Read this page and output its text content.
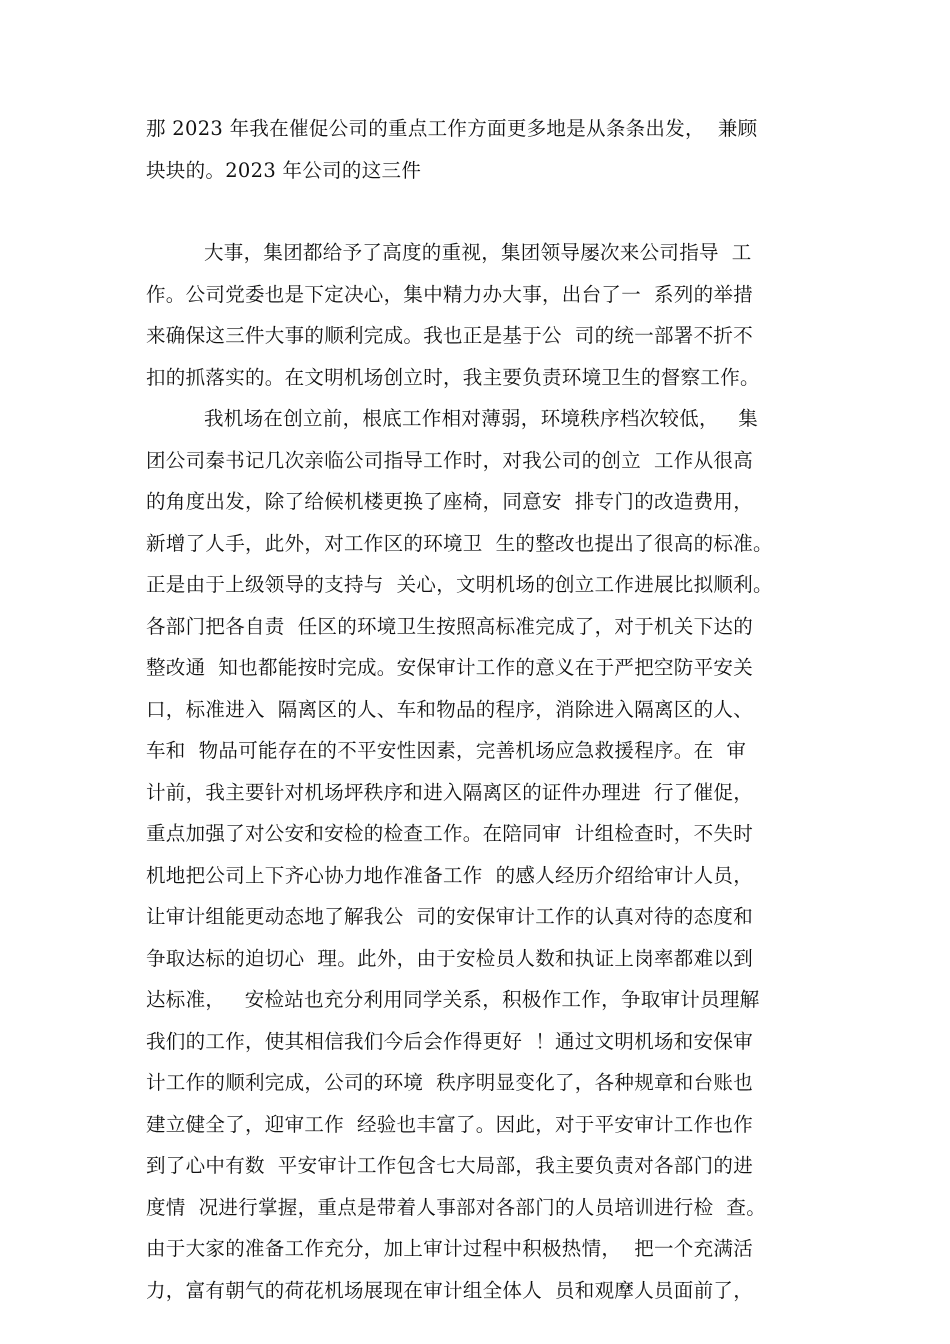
那 2023 年我在催促公司的重点工作方面更多地是从条条出发，  兼顾
块块的。2023 年公司的这三件
大事，集团都给予了高度的重视，集团领导屡次来公司指导  工
作。公司党委也是下定决心，集中精力办大事，出台了一  系列的举措
来确保这三件大事的顺利完成。我也正是基于公  司的统一部署不折不
扣的抓落实的。在文明机场创立时，我主要负责环境卫生的督察工作。
我机场在创立前，根底工作相对薄弱，环境秩序档次较低，   集
团公司秦书记几次亲临公司指导工作时，对我公司的创立  工作从很高
的角度出发，除了给候机楼更换了座椅，同意安  排专门的改造费用，
新增了人手，此外，对工作区的环境卫  生的整改也提出了很高的标准。
正是由于上级领导的支持与  关心，文明机场的创立工作进展比拟顺利。
各部门把各自责  任区的环境卫生按照高标准完成了，对于机关下达的
整改通  知也都能按时完成。安保审计工作的意义在于严把空防平安关
口，标准进入  隔离区的人、车和物品的程序，消除进入隔离区的人、
车和  物品可能存在的不平安性因素，完善机场应急救援程序。在  审
计前，我主要针对机场坪秩序和进入隔离区的证件办理进  行了催促，
重点加强了对公安和安检的检查工作。在陪同审  计组检查时，不失时
机地把公司上下齐心协力地作准备工作  的感人经历介绍给审计人员，
让审计组能更动态地了解我公  司的安保审计工作的认真对待的态度和
争取达标的迫切心  理。此外，由于安检员人数和执证上岗率都难以到
达标准，   安检站也充分利用同学关系，积极作工作，争取审计员理解
我们的工作，使其相信我们今后会作得更好  ！通过文明机场和安保审
计工作的顺利完成，公司的环境  秩序明显变化了，各种规章和台账也
建立健全了，迎审工作  经验也丰富了。因此，对于平安审计工作也作
到了心中有数  平安审计工作包含七大局部，我主要负责对各部门的进
度情  况进行掌握，重点是带着人事部对各部门的人员培训进行检  查。
由于大家的准备工作充分，加上审计过程中积极热情，  把一个充满活
力，富有朝气的荷花机场展现在审计组全体人  员和观摩人员面前了，
